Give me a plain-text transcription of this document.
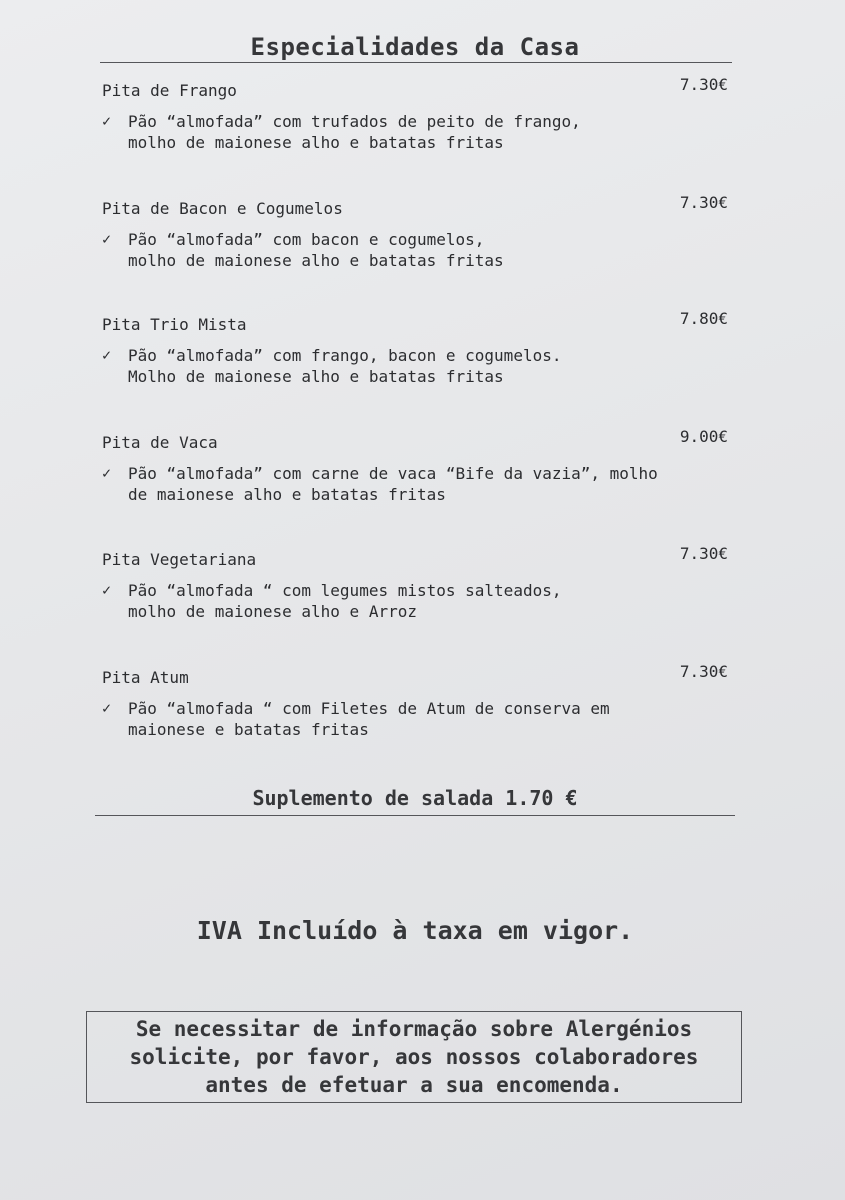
Especialidades da Casa
Pita de Frango	7.30€
✓ Pão “almofada” com trufados de peito de frango,
molho de maionese alho e batatas fritas
Pita de Bacon e Cogumelos	7.30€
✓ Pão “almofada” com bacon e cogumelos,
molho de maionese alho e batatas fritas
Pita Trio Mista	7.80€
✓ Pão “almofada” com frango, bacon e cogumelos.
Molho de maionese alho e batatas fritas
Pita de Vaca	9.00€
✓ Pão “almofada” com carne de vaca “Bife da vazia”, molho
de maionese alho e batatas fritas
Pita Vegetariana	7.30€
✓ Pão “almofada “ com legumes mistos salteados,
molho de maionese alho e Arroz
Pita Atum	7.30€
✓ Pão “almofada “ com Filetes de Atum de conserva em
maionese e batatas fritas
Suplemento de salada 1.70 €
IVA Incluído à taxa em vigor.
Se necessitar de informação sobre Alergénios
solicite, por favor, aos nossos colaboradores
antes de efetuar a sua encomenda.
